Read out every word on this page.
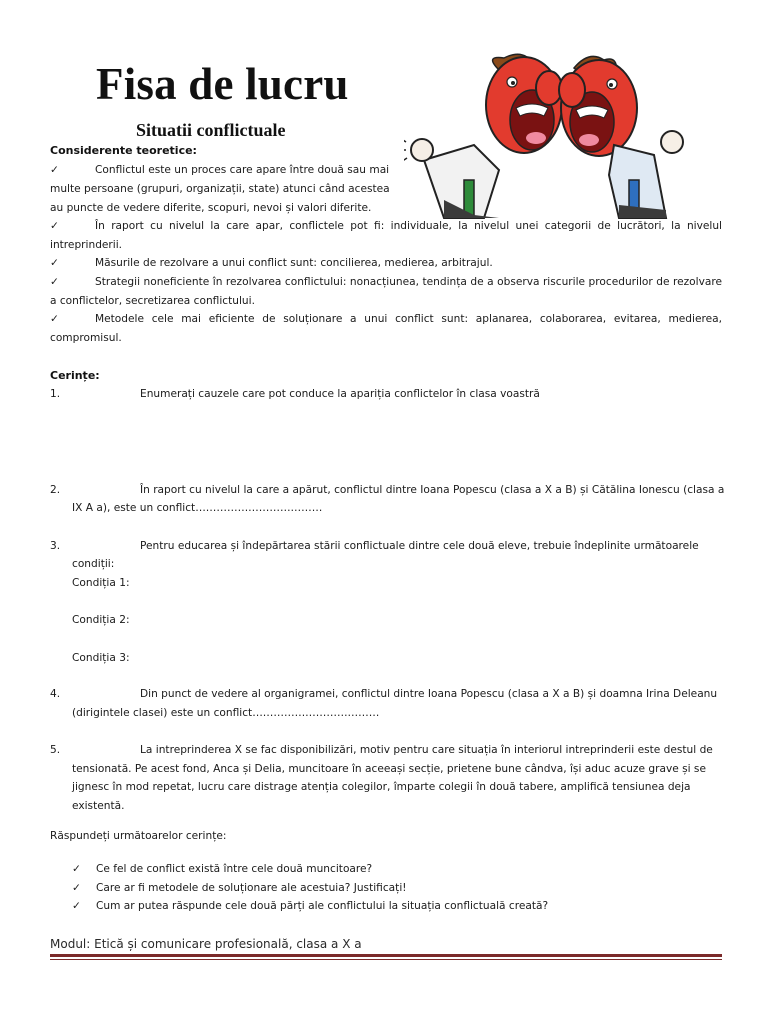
Fisa de lucru
Situatii conflictuale
Considerente teoretice:
✓	Conflictul este un proces care apare între două sau mai
multe persoane (grupuri, organizații, state) atunci când acestea
au puncte de vedere diferite, scopuri, nevoi și valori diferite.
✓	În raport cu nivelul la care apar, conflictele pot fi: individuale, la nivelul unei categorii de lucrători, la nivelul intreprinderii.
✓	Măsurile de rezolvare a unui conflict sunt: concilierea, medierea, arbitrajul.
✓	Strategii noneficiente în rezolvarea conflictului: nonacțiunea, tendința de a observa riscurile procedurilor de rezolvare a conflictelor, secretizarea conflictului.
✓	Metodele cele mai eficiente de soluționare a unui conflict sunt: aplanarea, colaborarea, evitarea, medierea, compromisul.
Cerințe:
1.	Enumerați cauzele care pot conduce la apariția conflictelor în clasa voastră
2.	În raport cu nivelul la care a apărut, conflictul dintre Ioana Popescu (clasa a X a B) și Cătălina Ionescu (clasa a
IX A a), este un conflict………………………………
3.	Pentru educarea și îndepărtarea stării conflictuale dintre cele două eleve, trebuie îndeplinite următoarele
condiții:
Condiția 1:
Condiția 2:
Condiția 3:
4.	Din punct de vedere al organigramei, conflictul dintre Ioana Popescu (clasa a X a B) și doamna Irina Deleanu
(dirigintele clasei) este un conflict………………………………
5.	La intreprinderea X se fac disponibilizări, motiv pentru care situația în interiorul intreprinderii este destul de
tensionată. Pe acest fond, Anca și Delia, muncitoare în aceeași secție, prietene bune cândva, își aduc acuze grave și se
jignesc în mod repetat, lucru care distrage atenția colegilor, împarte colegii în două tabere, amplifică tensiunea deja
existentă.
Răspundeți următoarelor cerințe:
✓ Ce fel de conflict există între cele două muncitoare?
✓ Care ar fi metodele de soluționare ale acestuia? Justificați!
✓ Cum ar putea răspunde cele două părți ale conflictului la situația conflictuală creată?
Modul: Etică și comunicare profesională, clasa a X a
